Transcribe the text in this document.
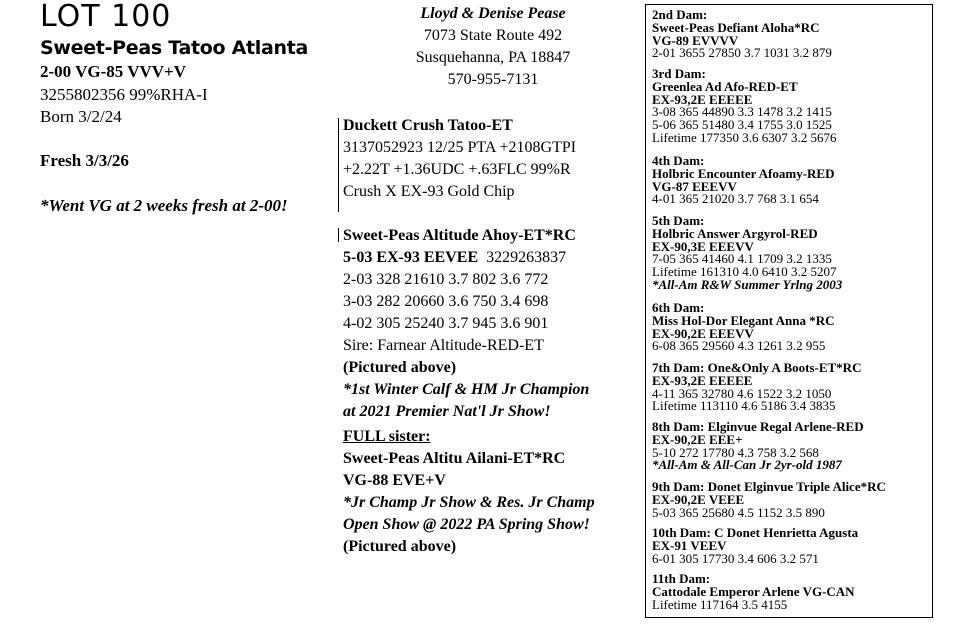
LOT 100
Sweet-Peas Tatoo Atlanta
2-00 VG-85 VVV+V
3255802356 99%RHA-I
Born 3/2/24
Fresh 3/3/26
*Went VG at 2 weeks fresh at 2-00!
Lloyd & Denise Pease
7073 State Route 492
Susquehanna, PA 18847
570-955-7131
Duckett Crush Tatoo-ET
3137052923 12/25 PTA +2108GTPI
+2.22T +1.36UDC +.63FLC 99%R
Crush X EX-93 Gold Chip
Sweet-Peas Altitude Ahoy-ET*RC
5-03 EX-93 EEVEE 3229263837
2-03 328 21610 3.7 802 3.6 772
3-03 282 20660 3.6 750 3.4 698
4-02 305 25240 3.7 945 3.6 901
Sire: Farnear Altitude-RED-ET
(Pictured above)
*1st Winter Calf & HM Jr Champion
at 2021 Premier Nat'l Jr Show!
FULL sister:
Sweet-Peas Altitu Ailani-ET*RC
VG-88 EVE+V
*Jr Champ Jr Show & Res. Jr Champ
Open Show @ 2022 PA Spring Show!
(Pictured above)
2nd Dam:
Sweet-Peas Defiant Aloha*RC
VG-89 EVVVV
2-01 3655 27850 3.7 1031 3.2 879
3rd Dam:
Greenlea Ad Afo-RED-ET
EX-93,2E EEEEE
3-08 365 44890 3.3 1478 3.2 1415
5-06 365 51480 3.4 1755 3.0 1525
Lifetime 177350 3.6 6307 3.2 5676
4th Dam:
Holbric Encounter Afoamy-RED
VG-87 EEEVV
4-01 365 21020 3.7 768 3.1 654
5th Dam:
Holbric Answer Argyrol-RED
EX-90,3E EEEVV
7-05 365 41460 4.1 1709 3.2 1335
Lifetime 161310 4.0 6410 3.2 5207
*All-Am R&W Summer Yrlng 2003
6th Dam:
Miss Hol-Dor Elegant Anna *RC
EX-90,2E EEEVV
6-08 365 29560 4.3 1261 3.2 955
7th Dam: One&Only A Boots-ET*RC
EX-93,2E EEEEE
4-11 365 32780 4.6 1522 3.2 1050
Lifetime 113110 4.6 5186 3.4 3835
8th Dam: Elginvue Regal Arlene-RED
EX-90,2E EEE+
5-10 272 17780 4.3 758 3.2 568
*All-Am & All-Can Jr 2yr-old 1987
9th Dam: Donet Elginvue Triple Alice*RC
EX-90,2E VEEE
5-03 365 25680 4.5 1152 3.5 890
10th Dam: C Donet Henrietta Agusta
EX-91 VEEV
6-01 305 17730 3.4 606 3.2 571
11th Dam:
Cattodale Emperor Arlene VG-CAN
Lifetime 117164 3.5 4155
